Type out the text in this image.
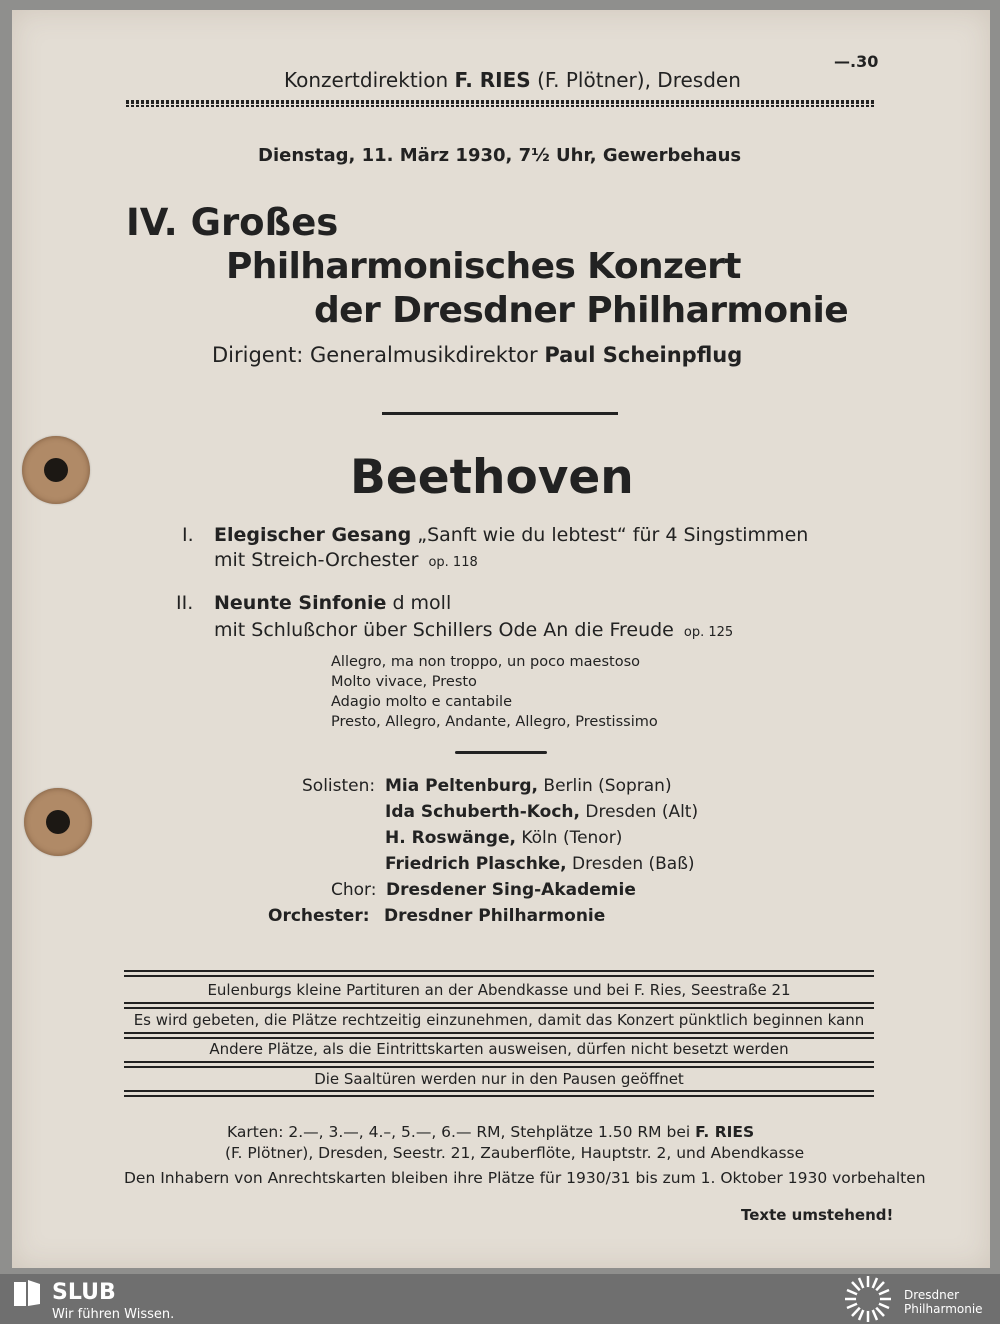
Konzertdirektion F. RIES (F. Plötner), Dresden
—.30
Dienstag, 11. März 1930, 7½ Uhr, Gewerbehaus
IV. Großes
Philharmonisches Konzert
der Dresdner Philharmonie
Dirigent: Generalmusikdirektor Paul Scheinpflug
Beethoven
I. Elegischer Gesang „Sanft wie du lebtest“ für 4 Singstimmen
mit Streich-Orchester op. 118
II. Neunte Sinfonie d moll
mit Schlußchor über Schillers Ode An die Freude op. 125
Allegro, ma non troppo, un poco maestoso
Molto vivace, Presto
Adagio molto e cantabile
Presto, Allegro, Andante, Allegro, Prestissimo
Solisten: Mia Peltenburg, Berlin (Sopran)
Ida Schuberth-Koch, Dresden (Alt)
H. Roswänge, Köln (Tenor)
Friedrich Plaschke, Dresden (Baß)
Chor: Dresdener Sing-Akademie
Orchester: Dresdner Philharmonie
Eulenburgs kleine Partituren an der Abendkasse und bei F. Ries, Seestraße 21
Es wird gebeten, die Plätze rechtzeitig einzunehmen, damit das Konzert pünktlich beginnen kann
Andere Plätze, als die Eintrittskarten ausweisen, dürfen nicht besetzt werden
Die Saaltüren werden nur in den Pausen geöffnet
Karten: 2.—, 3.—, 4.–, 5.—, 6.— RM, Stehplätze 1.50 RM bei F. RIES
(F. Plötner), Dresden, Seestr. 21, Zauberflöte, Hauptstr. 2, und Abendkasse
Den Inhabern von Anrechtskarten bleiben ihre Plätze für 1930/31 bis zum 1. Oktober 1930 vorbehalten
Texte umstehend!
SLUB
Wir führen Wissen.
Dresdner
Philharmonie
